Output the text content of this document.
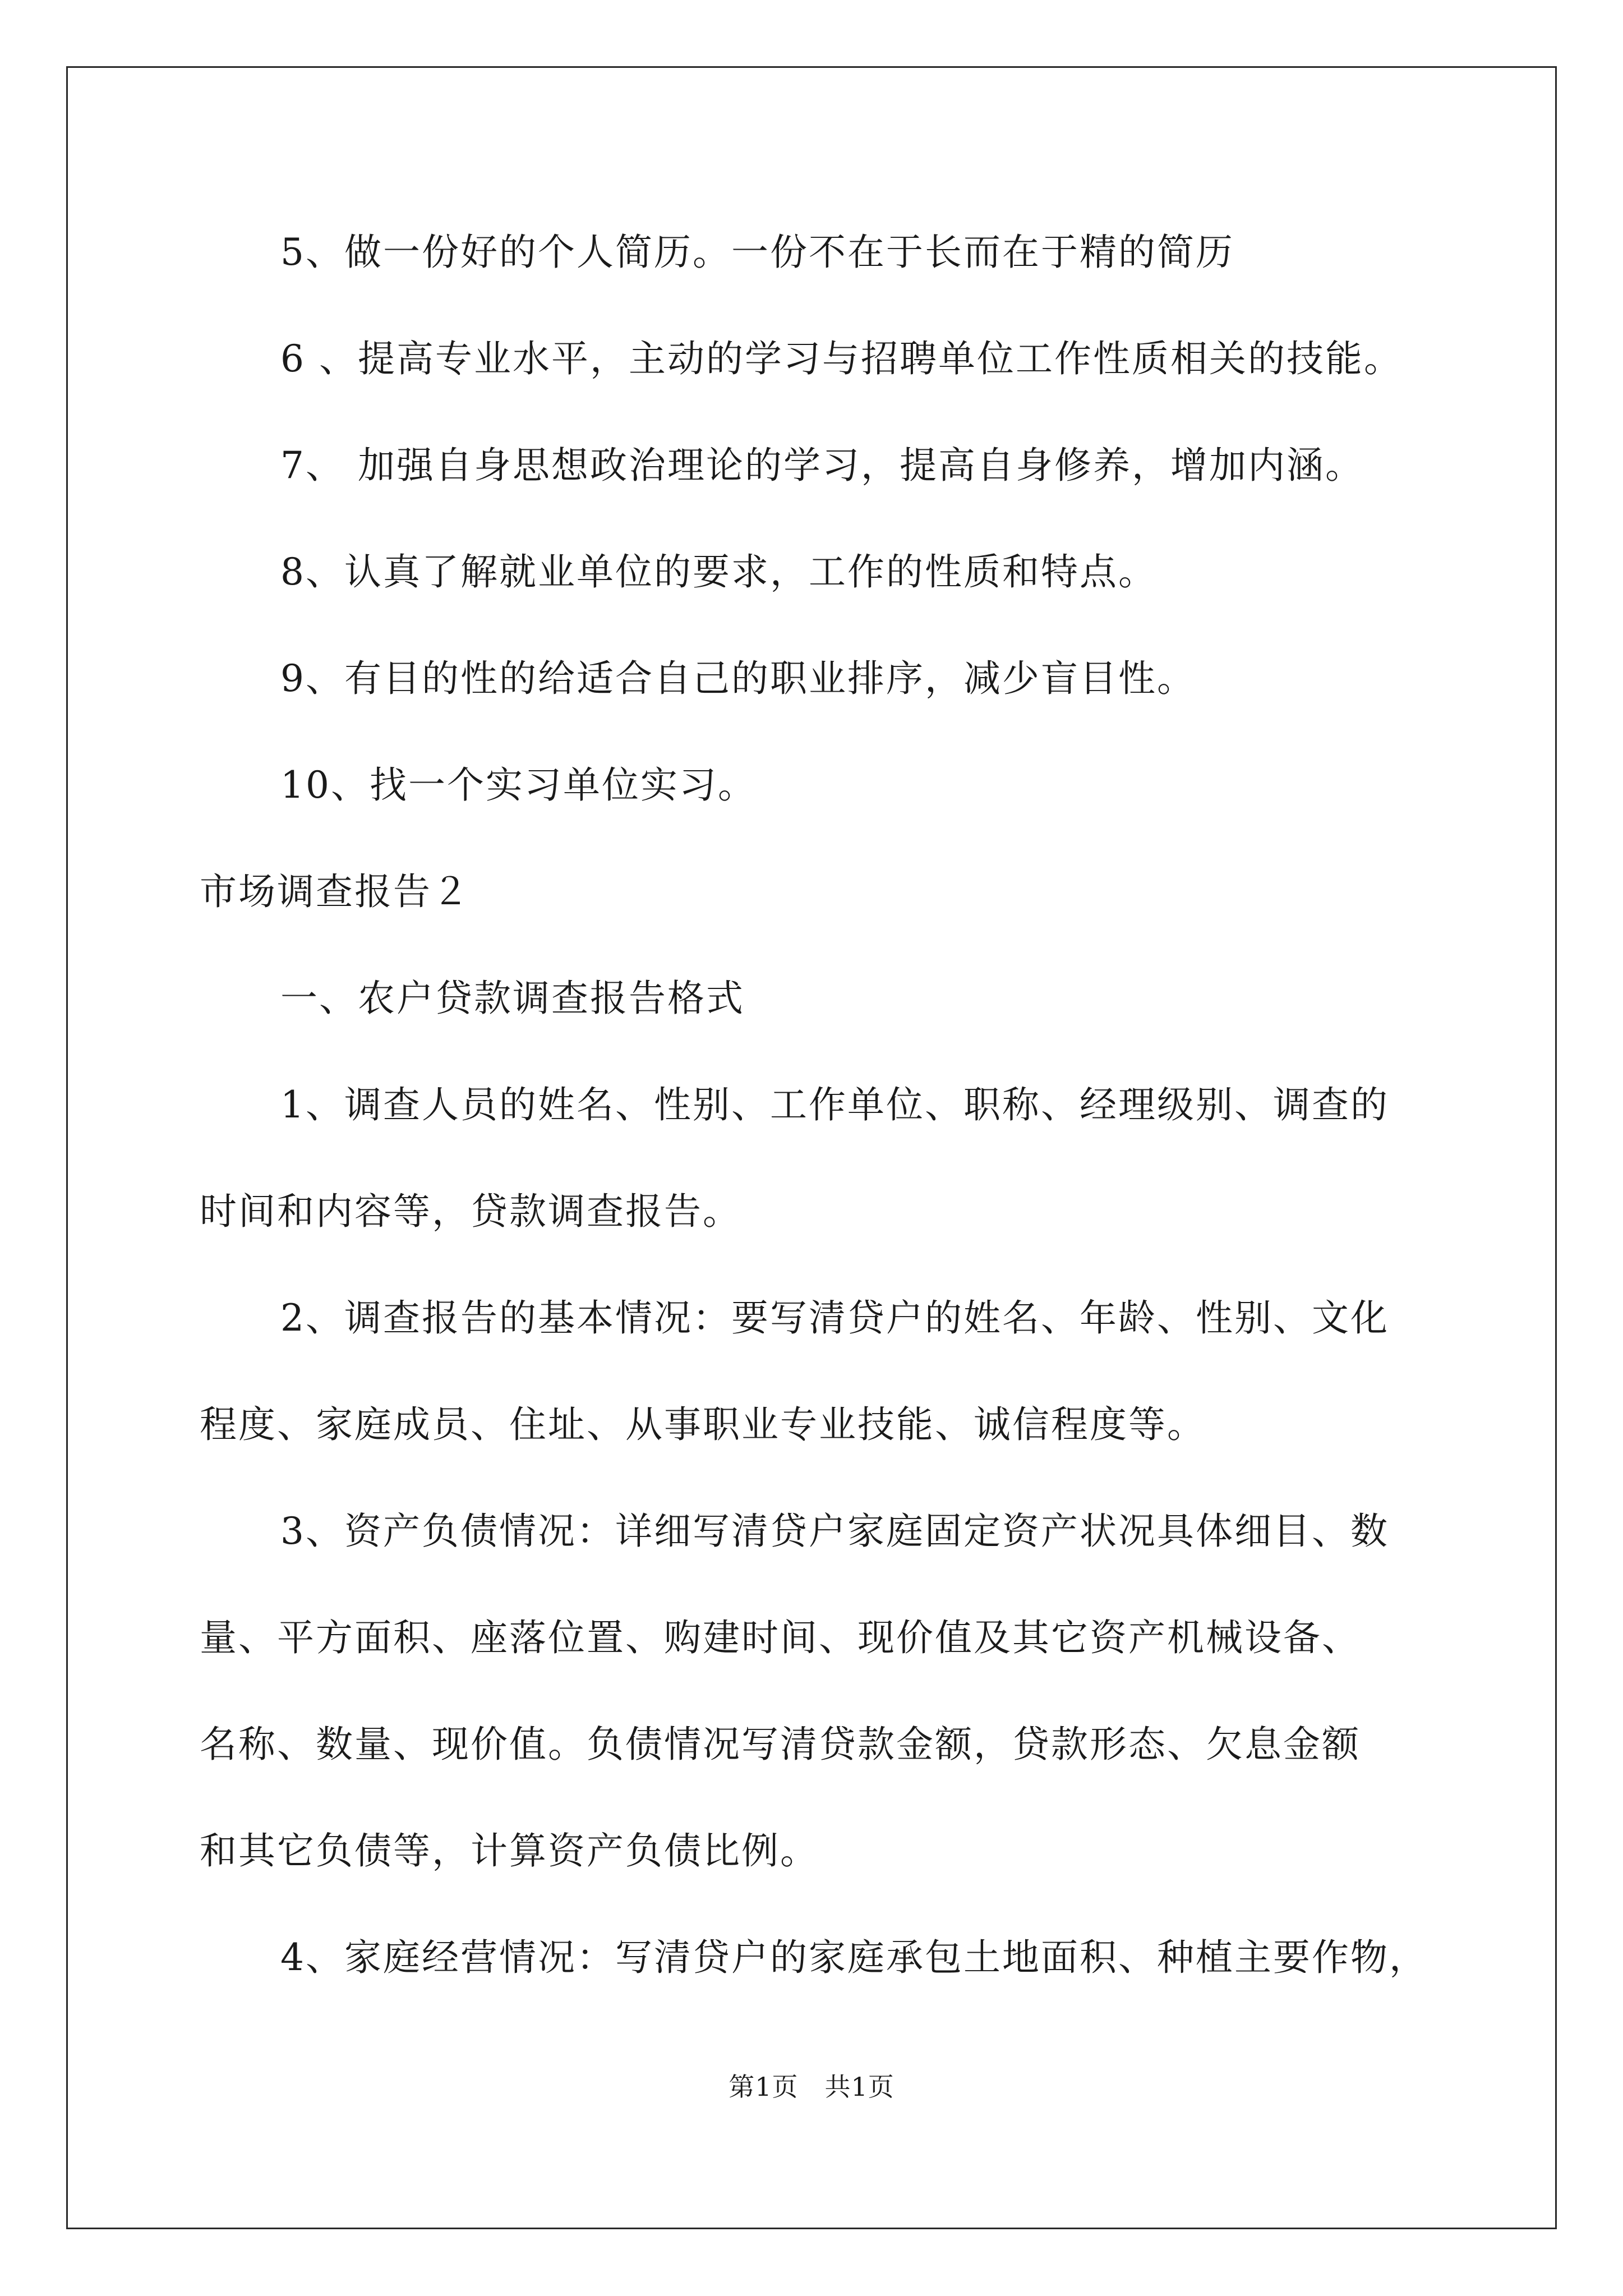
5、做一份好的个人简历。一份不在于长而在于精的简历
6 、提高专业水平，主动的学习与招聘单位工作性质相关的技能。
7、 加强自身思想政治理论的学习，提高自身修养，增加内涵。
8、认真了解就业单位的要求，工作的性质和特点。
9、有目的性的给适合自己的职业排序，减少盲目性。
10、找一个实习单位实习。
市场调查报告２
一、农户贷款调查报告格式
1、调查人员的姓名、性别、工作单位、职称、经理级别、调查的
时间和内容等，贷款调查报告。
2、调查报告的基本情况：要写清贷户的姓名、年龄、性别、文化
程度、家庭成员、住址、从事职业专业技能、诚信程度等。
3、资产负债情况：详细写清贷户家庭固定资产状况具体细目、数
量、平方面积、座落位置、购建时间、现价值及其它资产机械设备、
名称、数量、现价值。负债情况写清贷款金额，贷款形态、欠息金额
和其它负债等，计算资产负债比例。
4、家庭经营情况：写清贷户的家庭承包土地面积、种植主要作物，
第1页　共1页
